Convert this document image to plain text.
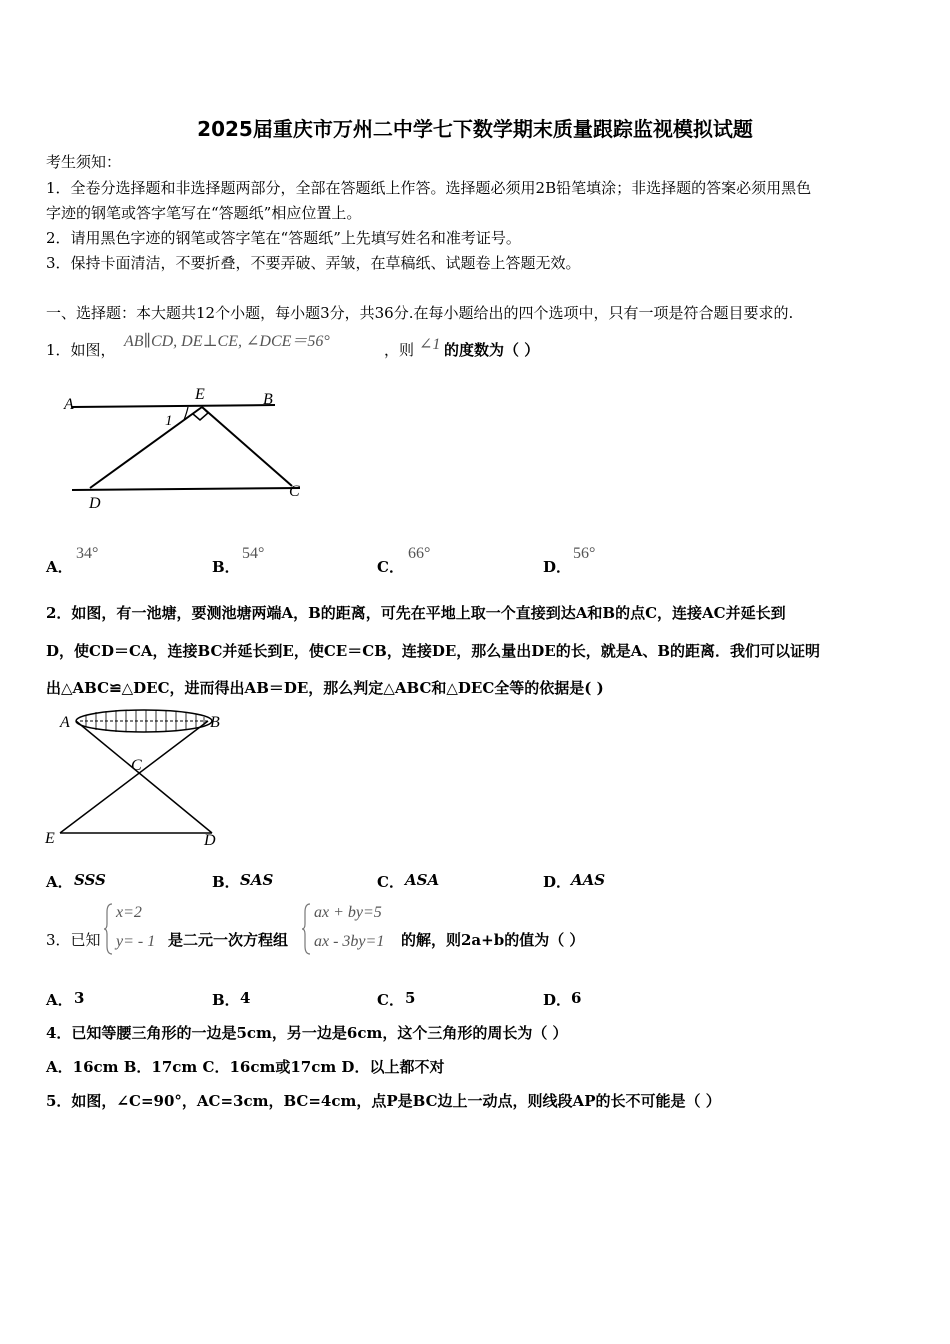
2025届重庆市万州二中学七下数学期末质量跟踪监视模拟试题
考生须知：
1．全卷分选择题和非选择题两部分，全部在答题纸上作答。选择题必须用2B铅笔填涂；非选择题的答案必须用黑色
字迹的钢笔或答字笔写在“答题纸”相应位置上。
2．请用黑色字迹的钢笔或答字笔在“答题纸”上先填写姓名和准考证号。
3．保持卡面清洁，不要折叠，不要弄破、弄皱，在草稿纸、试题卷上答题无效。
一、选择题：本大题共12个小题，每小题3分，共36分.在每小题给出的四个选项中，只有一项是符合题目要求的.
1．如图， AB∥CD, DE⊥CE, ∠DCE＝56°	，则 ∠1 的度数为（ ）
A
E	B
1
D
C
A．
34°
B．
54°
C．
66°
D．
56°
2．如图，有一池塘，要测池塘两端A，B的距离，可先在平地上取一个直接到达A和B的点C，连接AC并延长到
D，使CD＝CA，连接BC并延长到E，使CE＝CB，连接DE，那么量出DE的长，就是A、B的距离．我们可以证明
出△ABC≌△DEC，进而得出AB＝DE，那么判定△ABC和△DEC全等的依据是( )
A	B
C
E	D
A． SSS	B． SAS	C． ASA	D． AAS
3．已知
x=2
y= - 1 是二元一次方程组
ax + by=5
ax - 3by=1 的解，则2a+b的值为（ ）
A． 3	B． 4	C． 5	D． 6
4．已知等腰三角形的一边是5cm，另一边是6cm，这个三角形的周长为（ ）
A．16cm B．17cm C．16cm或17cm D．以上都不对
5．如图，∠C=90°，AC=3cm，BC=4cm，点P是BC边上一动点，则线段AP的长不可能是（ ）
